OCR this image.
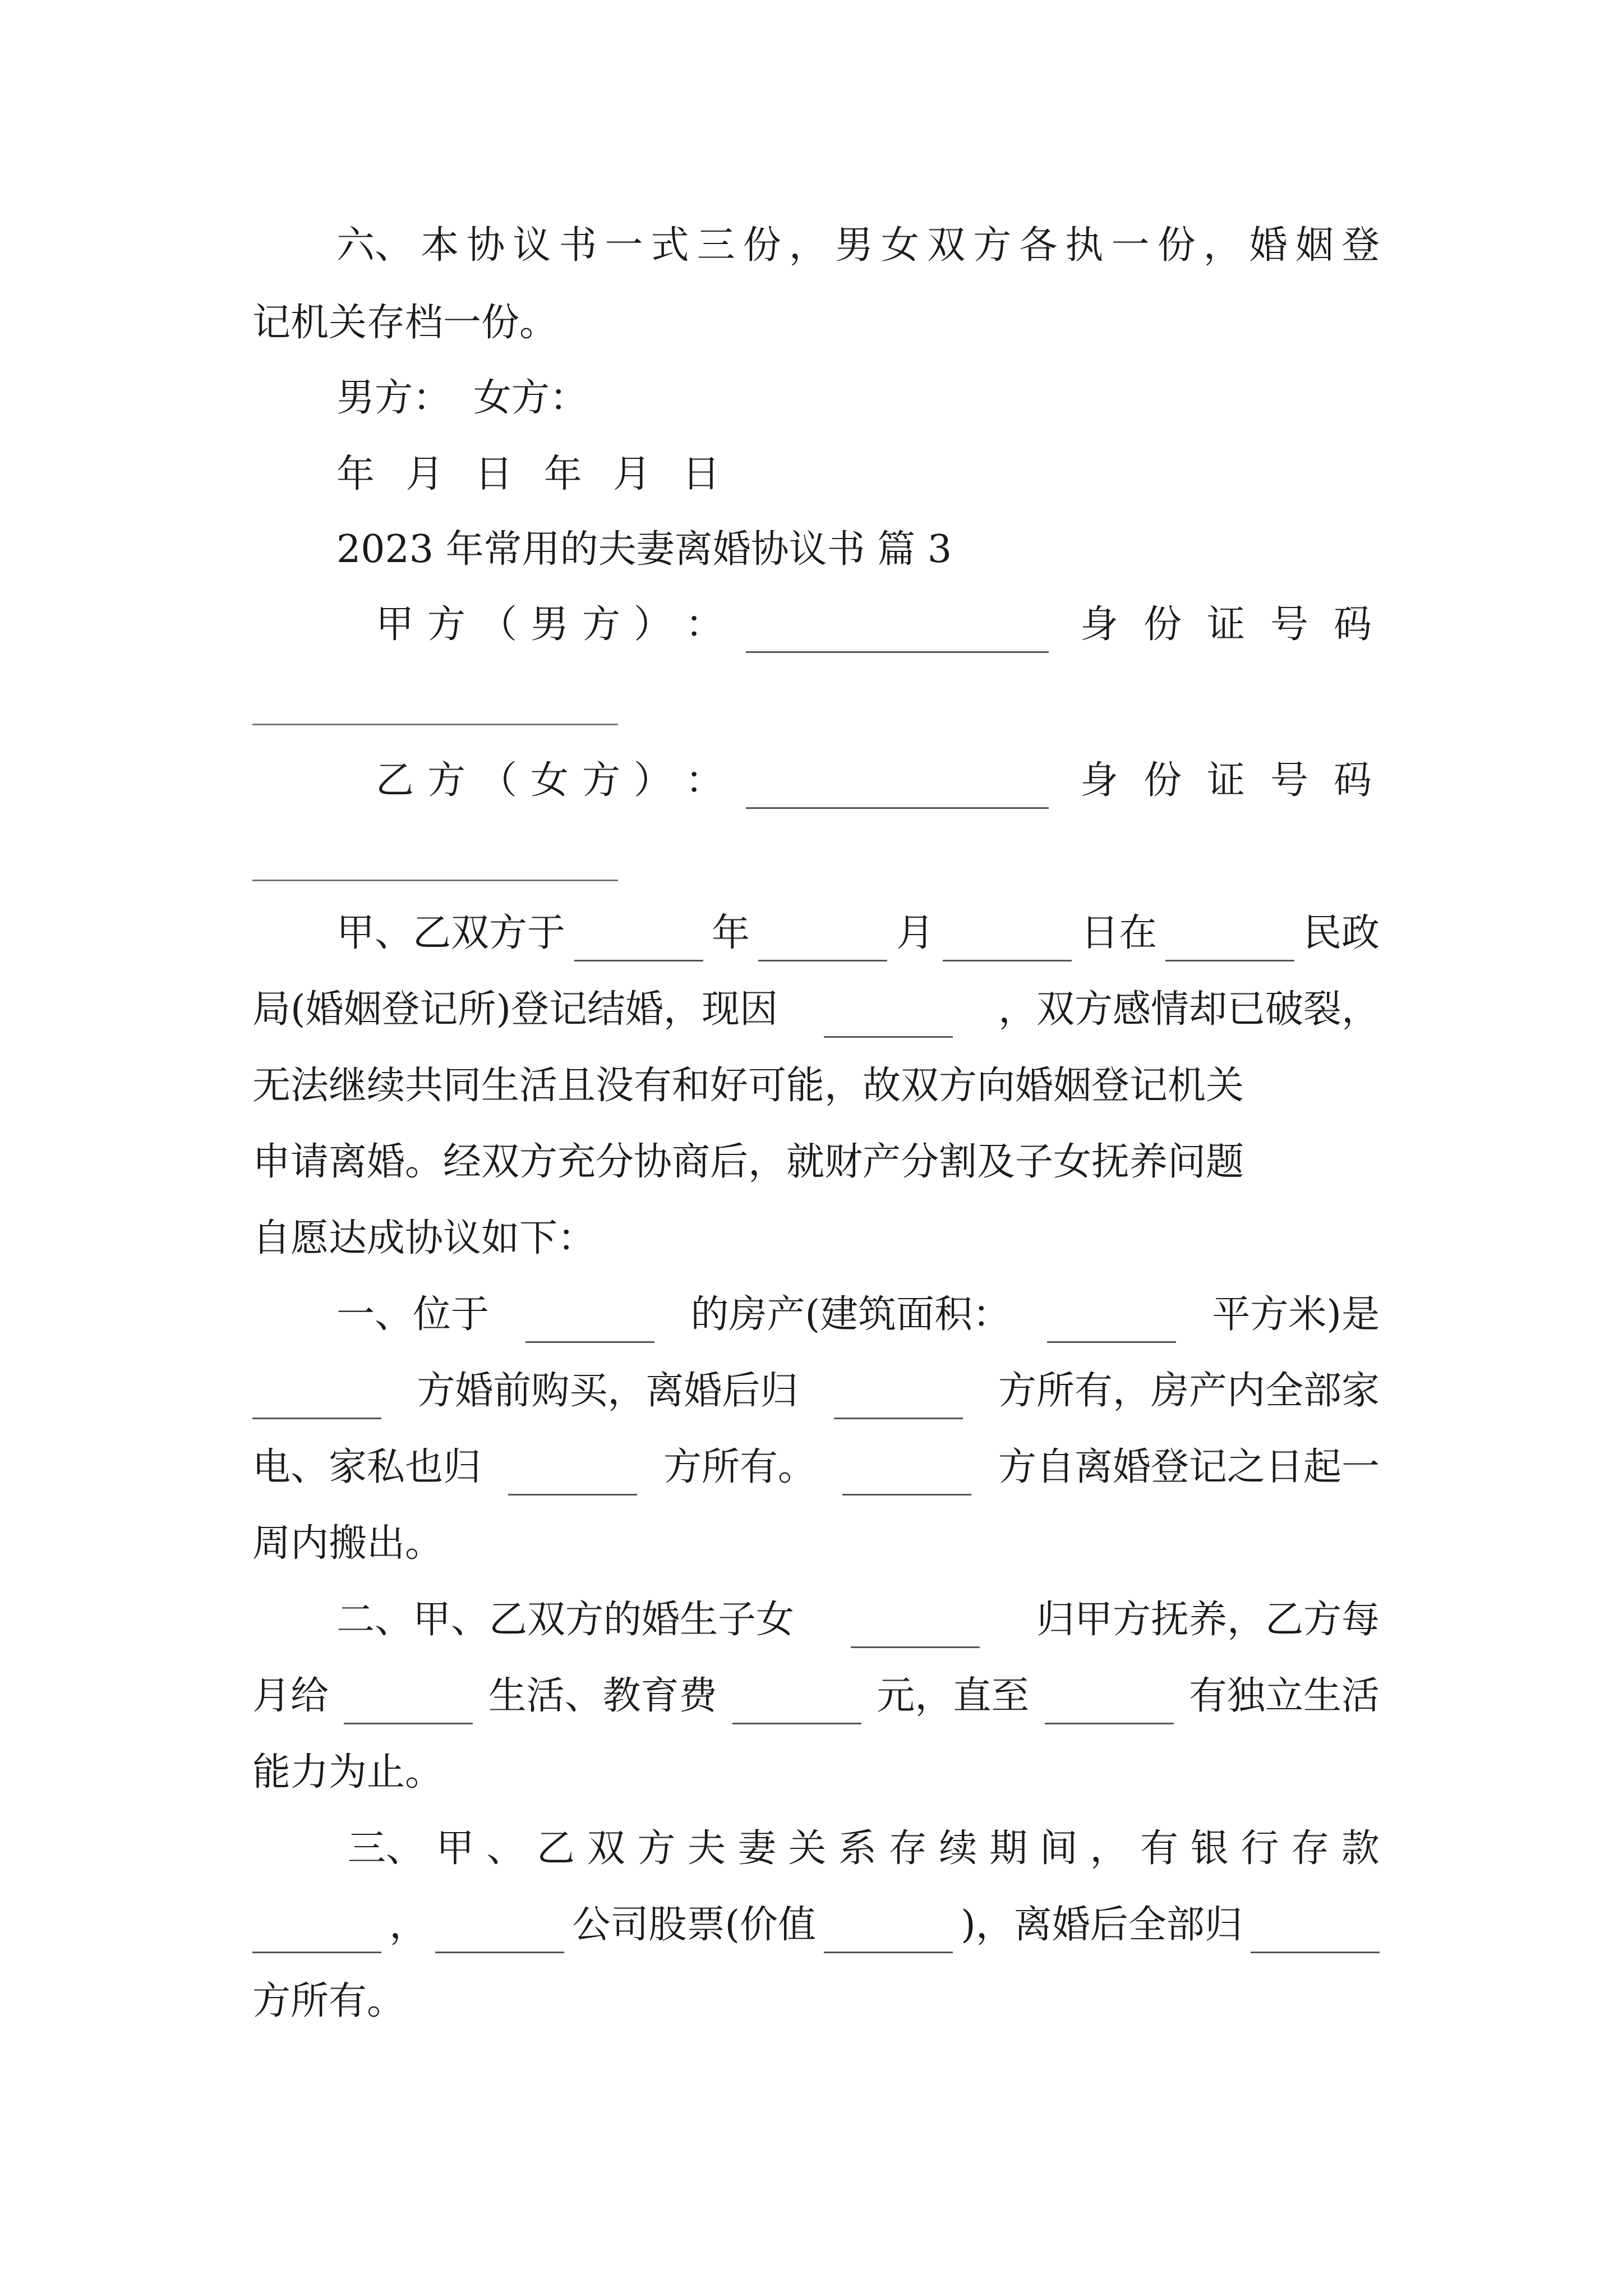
六、 本 协 议 书 一 式 三 份 ， 男 女 双 方 各 执 一 份 ， 婚 姻 登
记机关存档一份。
男方： 女方：
年  月  日  年  月  日
2023 年常用的夫妻离婚协议书 篇 3
甲 方 （ 男 方 ） ：	身 份 证 号 码
乙 方 （ 女 方 ） ：	身 份 证 号 码
甲、乙双方于	年	月	日在	民政
局(婚姻登记所)登记结婚，现因	，双方感情却已破裂，
无法继续共同生活且没有和好可能，故双方向婚姻登记机关
申请离婚。经双方充分协商后，就财产分割及子女抚养问题
自愿达成协议如下：
一、位于	的房产(建筑面积：	平方米)是
方婚前购买，离婚后归	方所有，房产内全部家
电、家私也归	方所有。	方自离婚登记之日起一
周内搬出。
二、甲、乙双方的婚生子女	归甲方抚养，乙方每
月给	生活、教育费	元，直至	有独立生活
能力为止。
三、 甲 、 乙 双 方 夫 妻 关 系 存 续 期 间 ， 有 银 行 存 款
，	公司股票(价值	)，离婚后全部归
方所有。
